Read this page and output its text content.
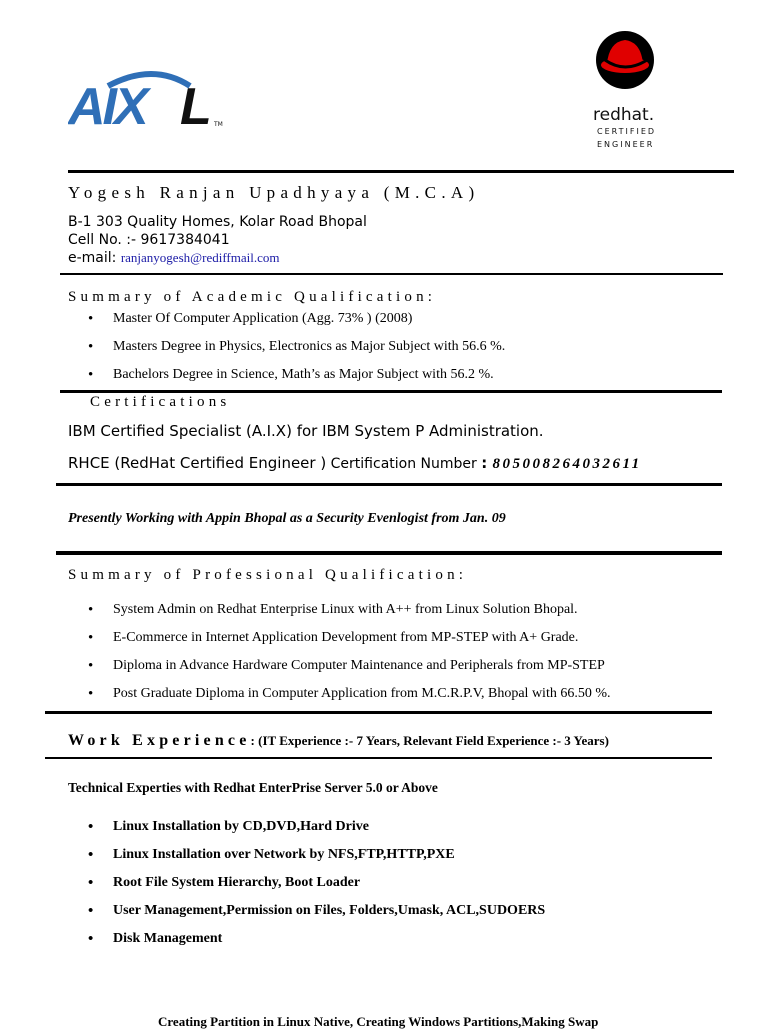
AIX L TM	redhat.
CERTIFIED
ENGINEER
Yogesh Ranjan Upadhyaya (M.C.A)
B-1 303 Quality Homes, Kolar Road Bhopal
Cell No. :- 9617384041
e-mail: ranjanyogesh@rediffmail.com
Summary of Academic Qualification:
• Master Of Computer Application (Agg. 73% ) (2008)
• Masters Degree in Physics, Electronics as Major Subject with 56.6 %.
• Bachelors Degree in Science, Math’s as Major Subject with 56.2 %.
Certifications
IBM Certified Specialist (A.I.X) for IBM System P Administration.
RHCE (RedHat Certified Engineer ) Certification Number : 805008264032611
Presently Working with Appin Bhopal as a Security Evenlogist from Jan. 09
Summary of Professional Qualification:
• System Admin on Redhat Enterprise Linux with A++ from Linux Solution Bhopal.
• E-Commerce in Internet Application Development from MP-STEP with A+ Grade.
• Diploma in Advance Hardware Computer Maintenance and Peripherals from MP-STEP
• Post Graduate Diploma in Computer Application from M.C.R.P.V, Bhopal with 66.50 %.
Work Experience: (IT Experience :- 7 Years, Relevant Field Experience :- 3 Years)
Technical Experties with Redhat EnterPrise Server 5.0 or Above
• Linux Installation by CD,DVD,Hard Drive
• Linux Installation over Network by NFS,FTP,HTTP,PXE
• Root File System Hierarchy, Boot Loader
• User Management,Permission on Files, Folders,Umask, ACL,SUDOERS
• Disk Management
Creating Partition in Linux Native, Creating Windows Partitions,Making Swap
